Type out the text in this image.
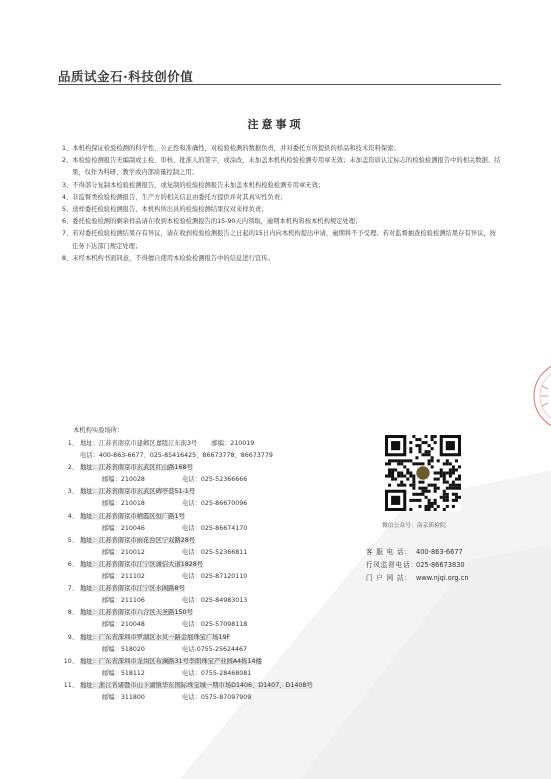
品质试金石·科技创价值
注意事项
1、本机构保证检验检测的科学性、公正性和准确性，对检验检测的数据负责，并对委托方所提供的样品和技术资料保密；
2、本检验检测报告无编制或主检、审核、批准人的签字，或涂改、未加盖本机构检验检测专用章无效；未加盖资质认定标志的检验检测报告中的相关数据、结果，仅作为科研、教学或内部质量控制之用；
3、不得部分复制本检验检测报告，或复制的检验检测报告未加盖本机构检验检测专用章无效；
4、非监督类检验检测报告，生产方的相关信息由委托方提供并对其真实性负责；
5、送样委托检验检测报告，本机构所出具的检验检测结果仅对来样负责；
6、委托检验检测的剩余样品请在收到本检验检测报告的15-90天内领取，逾期本机构将按本机构规定处理；
7、若对委托检验检测结果存有异议，请在收到检验检测报告之日起的15日内向本机构提出申请，逾期将不予受理；若对监督抽查检验检测结果存有异议，按任务下达部门规定处理；
8、未经本机构书面同意，不得擅自使用本检验检测报告中的信息进行宣传。
本机构实验场所：
1、 地址：江苏省南京市建邺区嘉陵江东街3号 邮编：210019
电话：400-863-6677、025-85416425、86673778、86673779
2、 地址：江苏省南京市玄武区红山路168号
邮编：210028	电话：025-52366666
3、 地址：江苏省南京市玄武区碑亭巷51-1号
邮编：210018	电话：025-86670096
4、 地址：江苏省南京市栖霞区恒广路1号
邮编：210046	电话：025-86674170
5、 地址：江苏省南京市雨花台区宁双路28号
邮编：210012	电话：025-52366811
6、 地址：江苏省南京市江宁区诚信大道1828号
邮编：211102	电话：025-87120110
7、 地址：江苏省南京市江宁区水阁路8号
邮编：211106	电话：025-84983013
8、 地址：江苏省南京市六合区天圣路150号
邮编：210048	电话：025-57098118
9、 地址：广东省深圳市罗湖区水贝一路金展珠宝广场19F
邮编：518020	电话:0755-25624467
10、 地址：广东省深圳市龙岗区布澜路31号李朗珠宝产业园A4栋14楼
邮编：518112	电话：0755-28468081
11、 地址：浙江省诸暨市山下湖镇华东国际珠宝城一期市场D1406、D1407、D1408号
邮编：311800	电话：0575-87097909
微信公众号：南京质检院
客 服 电 话： 400-863-6677
行风监督电话：025-86673830
门 户 网 站： www.njqi.org.cn
